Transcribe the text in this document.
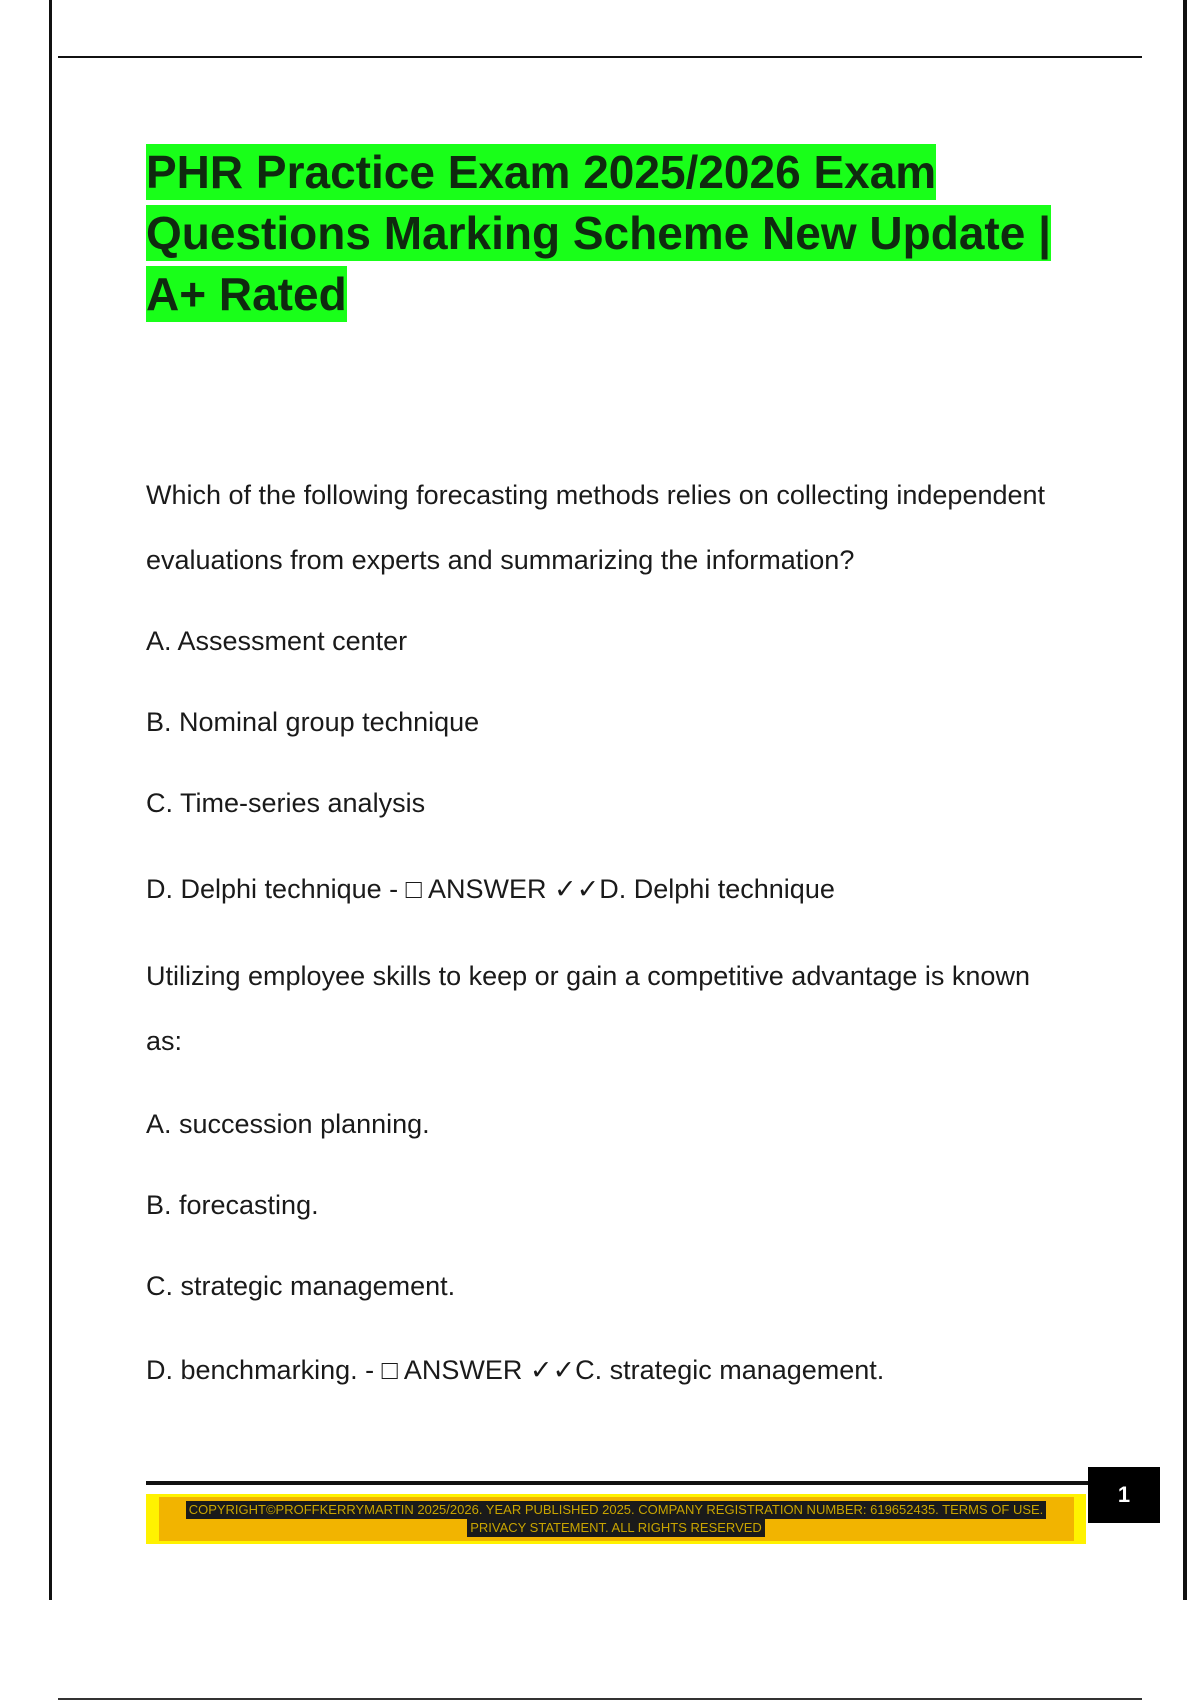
PHR Practice Exam 2025/2026 Exam Questions Marking Scheme New Update | A+ Rated

Which of the following forecasting methods relies on collecting independent

evaluations from experts and summarizing the information?

A. Assessment center

B. Nominal group technique

C. Time-series analysis

D. Delphi technique - □ ANSWER ✓✓D. Delphi technique

Utilizing employee skills to keep or gain a competitive advantage is known

as:

A. succession planning.

B. forecasting.

C. strategic management.

D. benchmarking. - □ ANSWER ✓✓C. strategic management.

COPYRIGHT©PROFFKERRYMARTIN 2025/2026. YEAR PUBLISHED 2025. COMPANY REGISTRATION NUMBER: 619652435. TERMS OF USE.
PRIVACY STATEMENT. ALL RIGHTS RESERVED
1
